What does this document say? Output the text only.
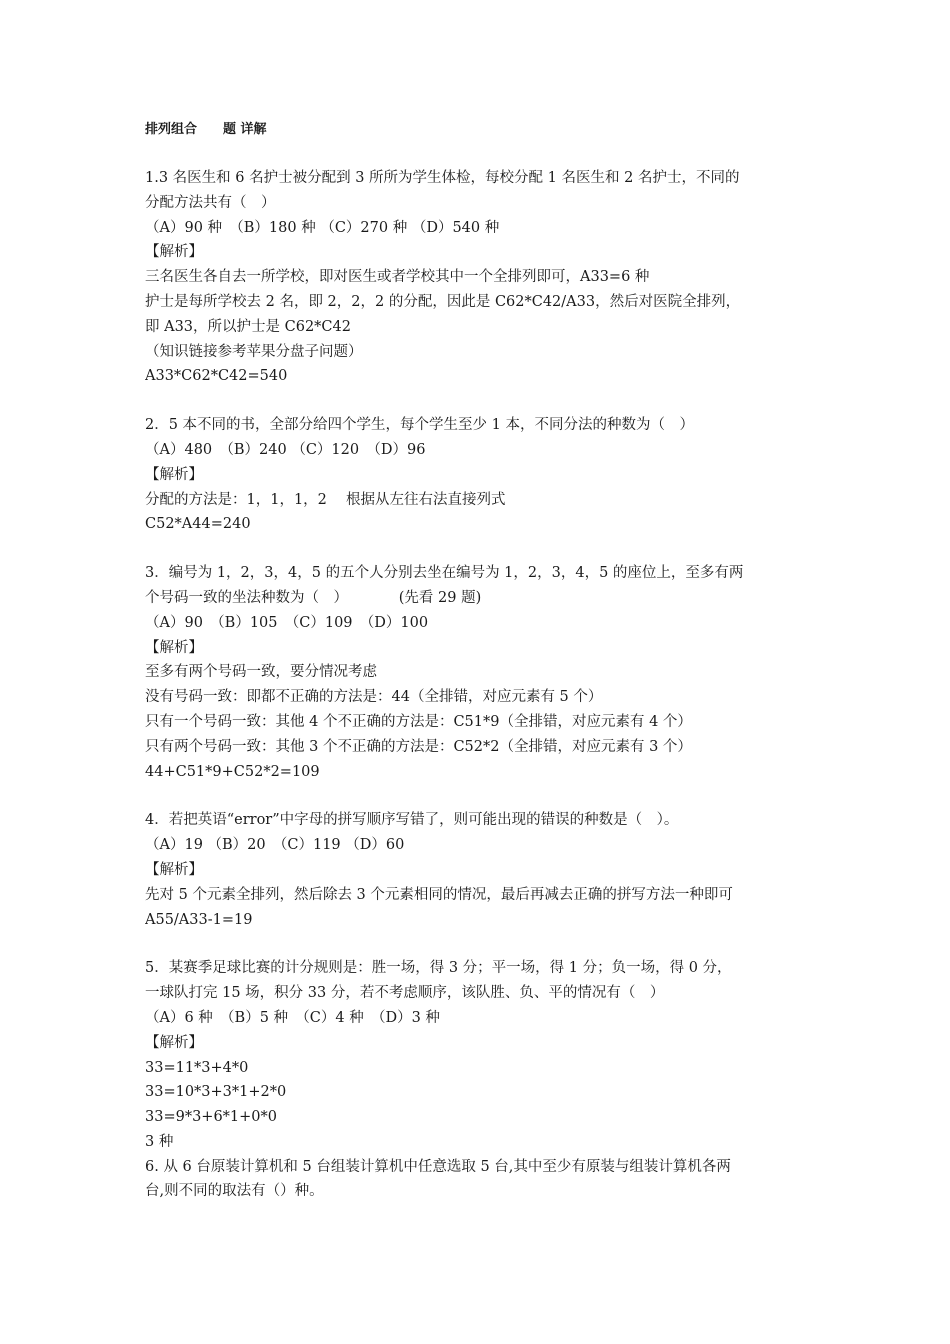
排列组合　　题 详解
1.3 名医生和 6 名护士被分配到 3 所所为学生体检，每校分配 1 名医生和 2 名护士，不同的
分配方法共有（　）
（A）90 种　（B）180 种 （C）270 种 （D）540 种
【解析】
三名医生各自去一所学校，即对医生或者学校其中一个全排列即可，A33=6 种
护士是每所学校去 2 名，即 2，2，2 的分配，因此是 C62*C42/A33，然后对医院全排列，
即 A33，所以护士是 C62*C42
（知识链接参考苹果分盘子问题）
A33*C62*C42=540
2．5 本不同的书，全部分给四个学生，每个学生至少 1 本，不同分法的种数为（　）
（A）480　（B）240 （C）120　（D）96
【解析】
分配的方法是：1，1，1，2　 根据从左往右法直接列式
C52*A44=240
3．编号为 1，2，3，4，5 的五个人分别去坐在编号为 1，2，3，4，5 的座位上，至多有两
个号码一致的坐法种数为（　）　　　　(先看 29 题)
（A）90　（B）105　（C）109　（D）100
【解析】
至多有两个号码一致，要分情况考虑
没有号码一致：即都不正确的方法是：44（全排错，对应元素有 5 个）
只有一个号码一致：其他 4 个不正确的方法是：C51*9（全排错，对应元素有 4 个）
只有两个号码一致：其他 3 个不正确的方法是：C52*2（全排错，对应元素有 3 个）
44+C51*9+C52*2=109
4．若把英语“error”中字母的拼写顺序写错了，则可能出现的错误的种数是（　）。
（A）19 （B）20　（C）119 （D）60
【解析】
先对 5 个元素全排列，然后除去 3 个元素相同的情况，最后再减去正确的拼写方法一种即可
A55/A33-1=19
5．某赛季足球比赛的计分规则是：胜一场，得 3 分；平一场，得 1 分；负一场，得 0 分，
一球队打完 15 场，积分 33 分，若不考虑顺序，该队胜、负、平的情况有（　）
（A）6 种　（B）5 种　（C）4 种　（D）3 种
【解析】
33=11*3+4*0
33=10*3+3*1+2*0
33=9*3+6*1+0*0
3 种
6. 从 6 台原装计算机和 5 台组装计算机中任意选取 5 台,其中至少有原装与组装计算机各两
台,则不同的取法有（）种。
